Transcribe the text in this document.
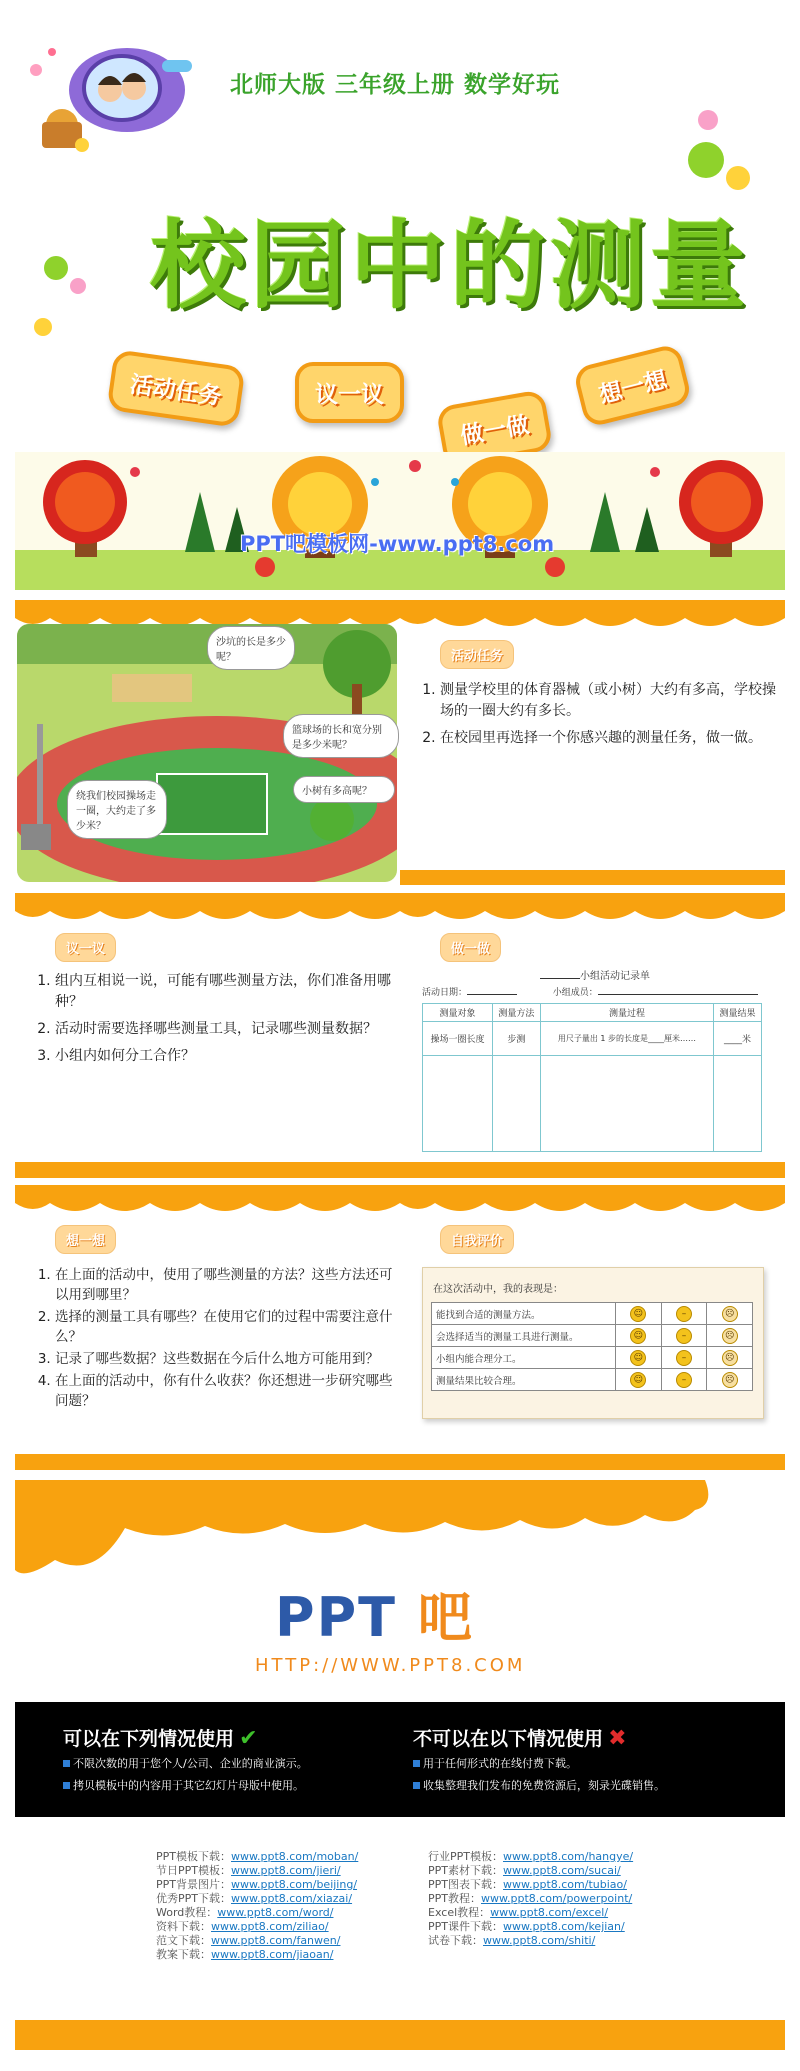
北师大版 三年级上册 数学好玩
校园中的测量
活动任务	议一议
做一做
想一想
PPT吧模板网-www.ppt8.com
沙坑的长是多少呢？
篮球场的长和宽分别是多少米呢？
小树有多高呢？
绕我们校园操场走一圈，大约走了多少米？
活动任务
1. 测量学校里的体育器械（或小树）大约有多高，学校操场的一圈大约有多长。
2. 在校园里再选择一个你感兴趣的测量任务，做一做。
议一议
1. 组内互相说一说，可能有哪些测量方法，你们准备用哪种？
2. 活动时需要选择哪些测量工具，记录哪些测量数据？
3. 小组内如何分工合作？
做一做
小组活动记录单
活动日期：	小组成员：
测量对象	测量方法	测量过程	测量结果
操场一圈长度	步测	用尺子量出 1 步的长度是____厘米……	____米

想一想
1. 在上面的活动中，使用了哪些测量的方法？这些方法还可以用到哪里？
2. 选择的测量工具有哪些？在使用它们的过程中需要注意什么？
3. 记录了哪些数据？这些数据在今后什么地方可能用到？
4. 在上面的活动中，你有什么收获？你还想进一步研究哪些问题？
自我评价
在这次活动中，我的表现是：
能找到合适的测量方法。	☺	–	☹
会选择适当的测量工具进行测量。	☺	–	☹
小组内能合理分工。	☺	–	☹
测量结果比较合理。	☺	–	☹
PPT 吧
HTTP://WWW.PPT8.COM
可以在下列情况使用 ✔
不限次数的用于您个人/公司、企业的商业演示。
拷贝模板中的内容用于其它幻灯片母版中使用。
不可以在以下情况使用 ✖
用于任何形式的在线付费下载。
收集整理我们发布的免费资源后，刻录光碟销售。
PPT模板下载：www.ppt8.com/moban/
节日PPT模板：www.ppt8.com/jieri/
PPT背景图片：www.ppt8.com/beijing/
优秀PPT下载：www.ppt8.com/xiazai/
Word教程：www.ppt8.com/word/
资料下载：www.ppt8.com/ziliao/
范文下载：www.ppt8.com/fanwen/
教案下载：www.ppt8.com/jiaoan/
行业PPT模板：www.ppt8.com/hangye/
PPT素材下载：www.ppt8.com/sucai/
PPT图表下载：www.ppt8.com/tubiao/
PPT教程：www.ppt8.com/powerpoint/
Excel教程：www.ppt8.com/excel/
PPT课件下载：www.ppt8.com/kejian/
试卷下载：www.ppt8.com/shiti/
